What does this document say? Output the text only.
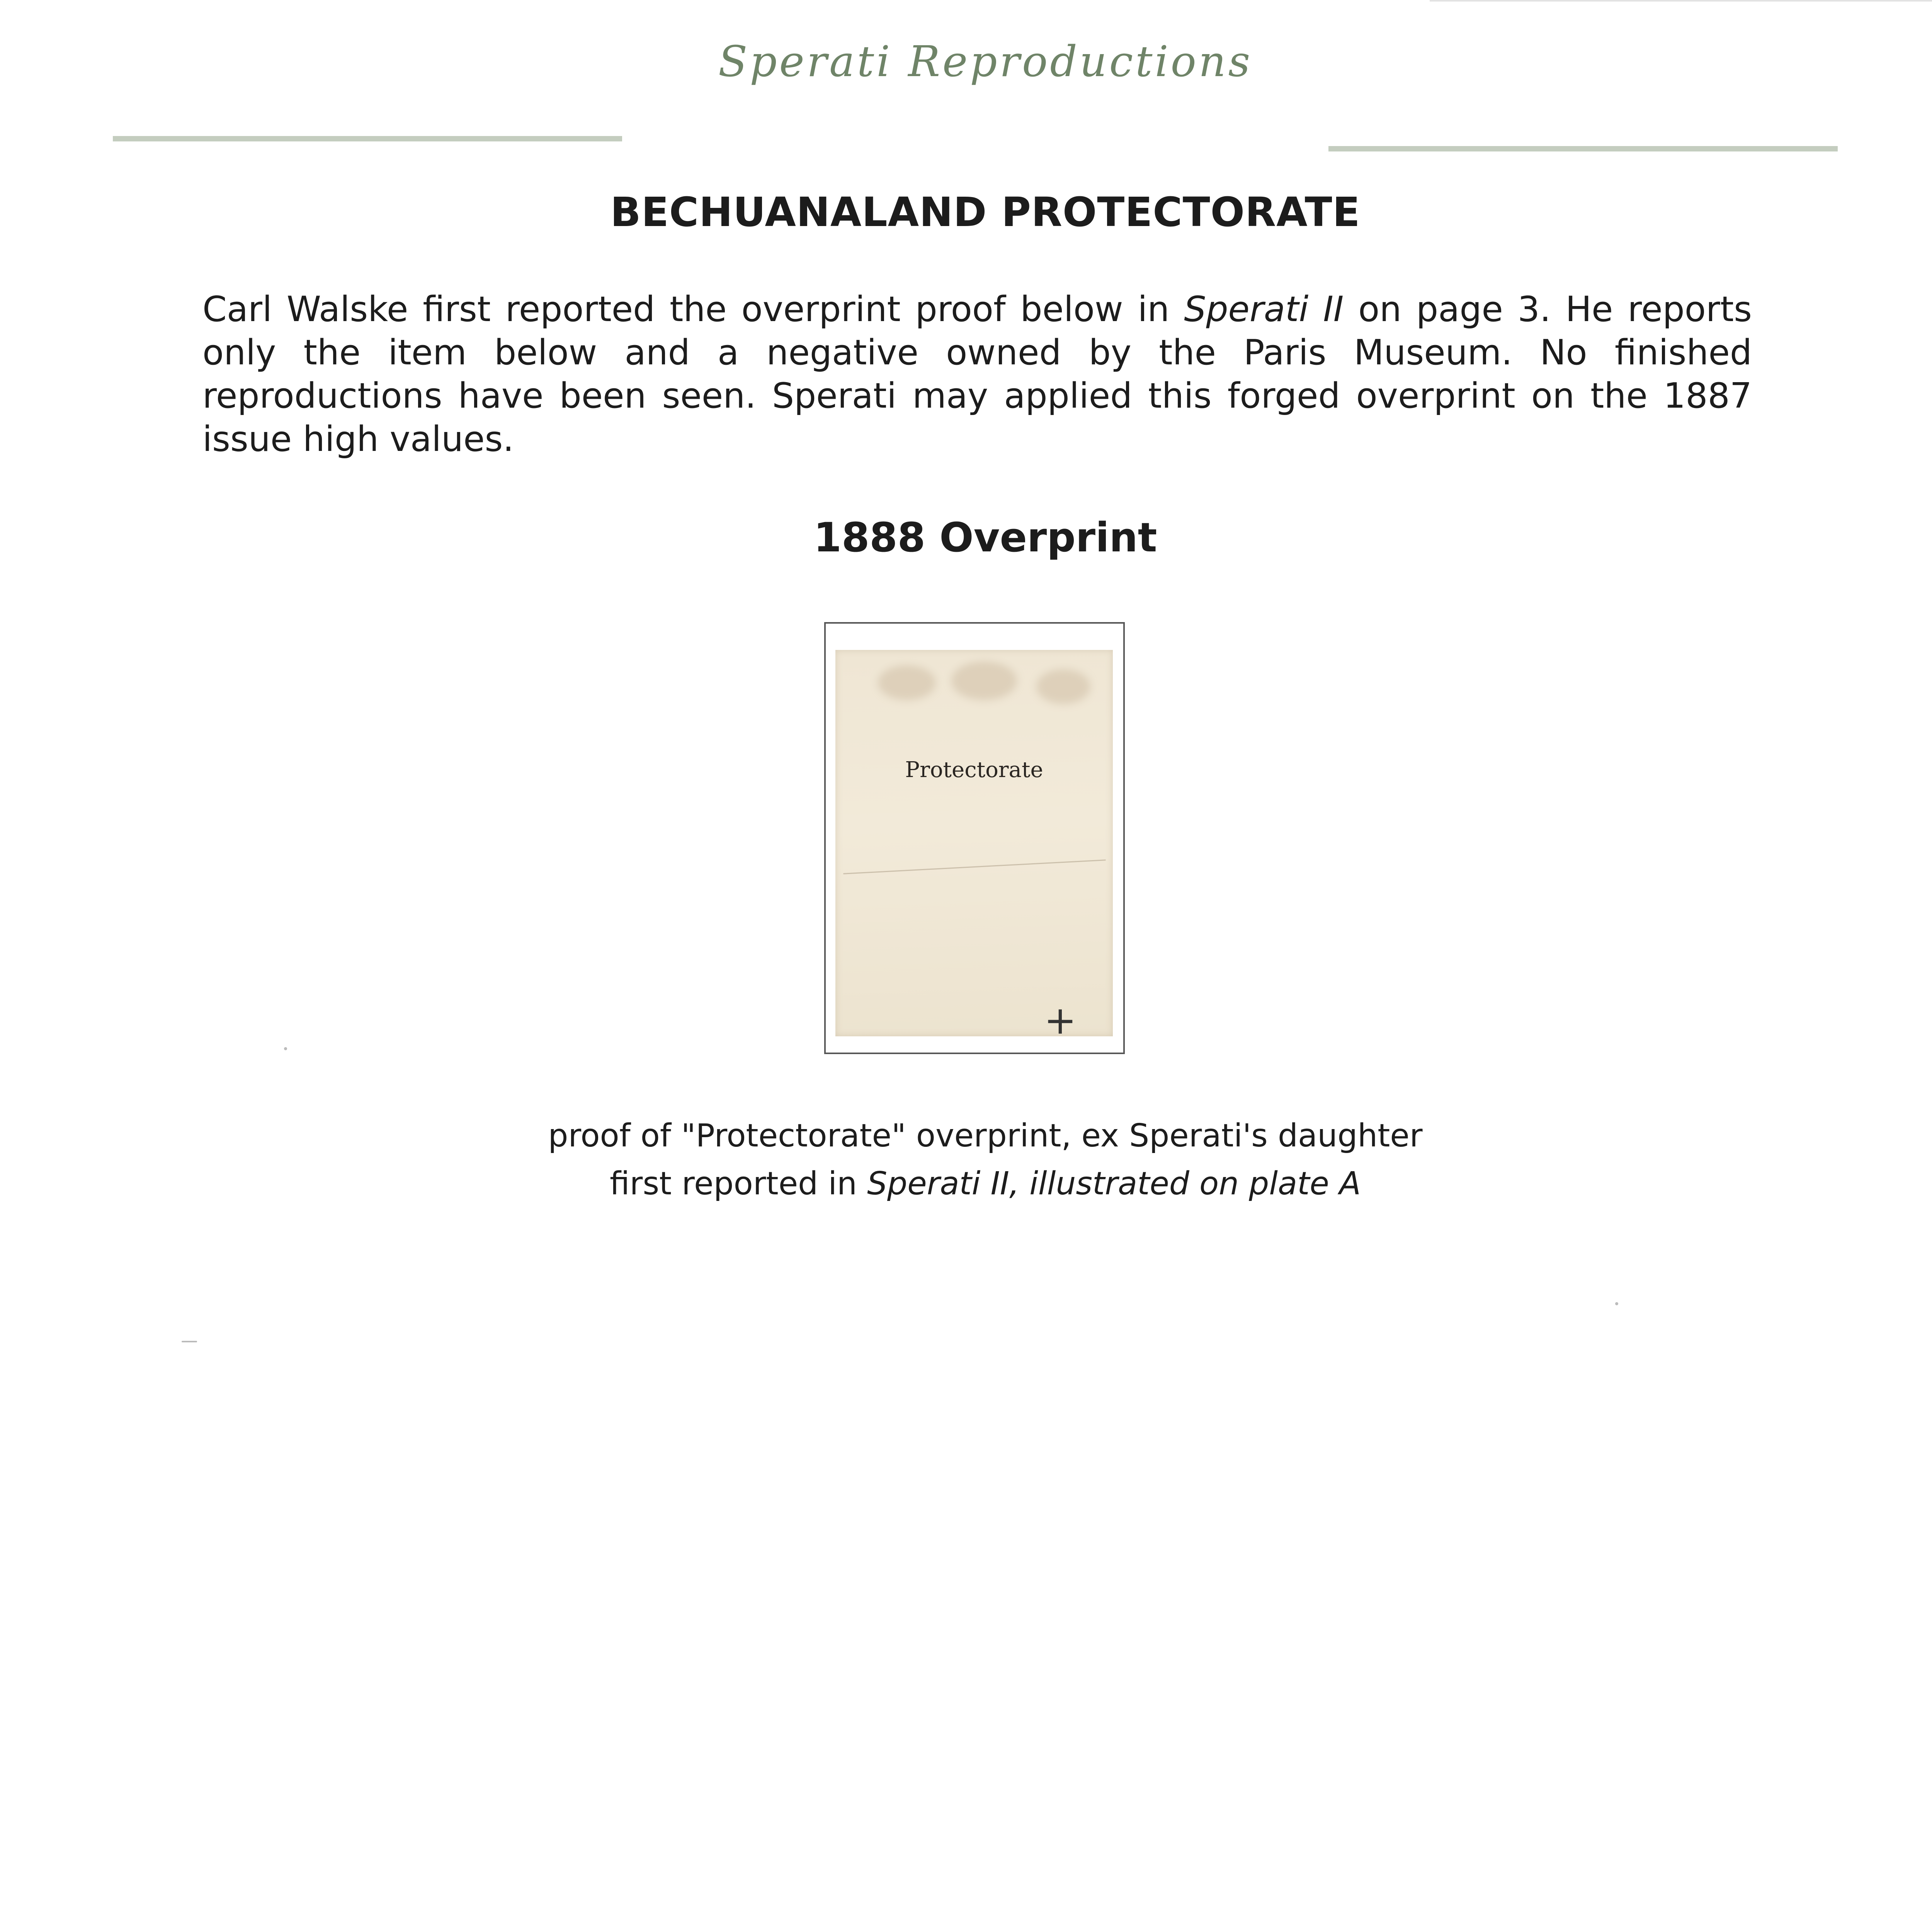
Sperati Reproductions
BECHUANALAND PROTECTORATE
Carl Walske first reported the overprint proof below in Sperati II on page 3. He reports only the item below and a negative owned by the Paris Museum. No finished reproductions have been seen. Sperati may applied this forged overprint on the 1887 issue high values.
1888 Overprint
Protectorate
+
proof of "Protectorate" overprint, ex Sperati's daughter
first reported in Sperati II, illustrated on plate A
